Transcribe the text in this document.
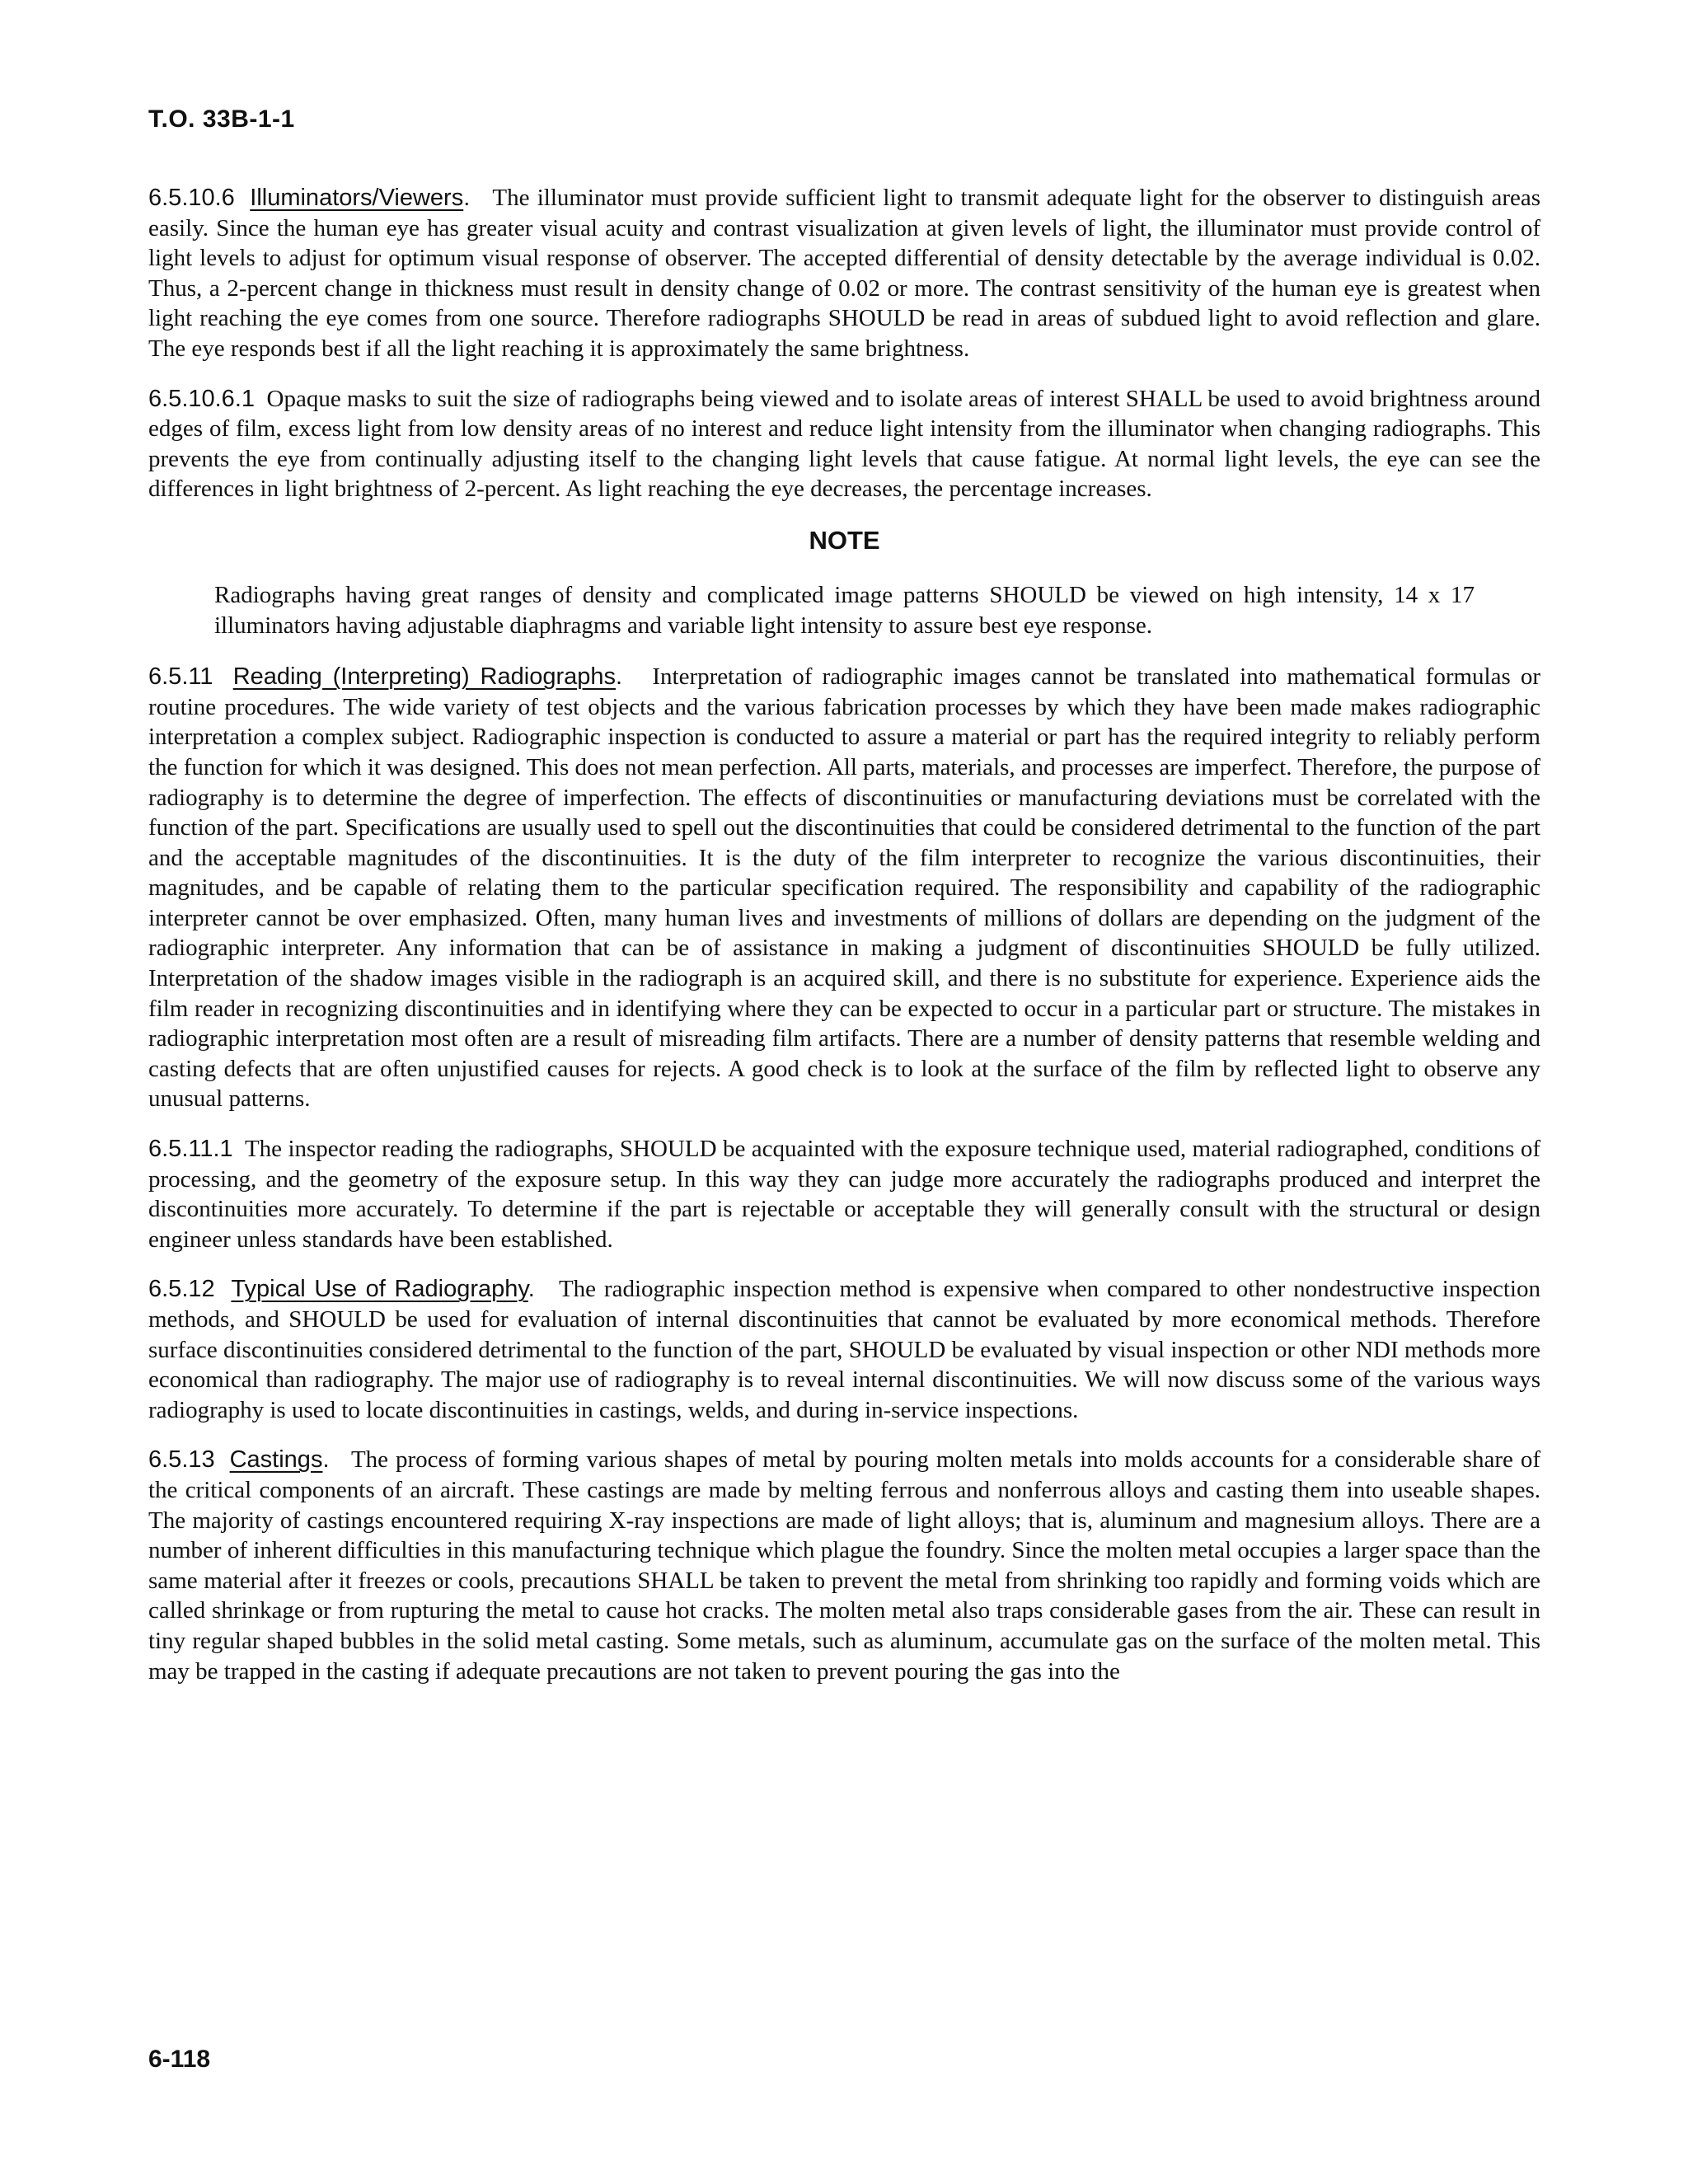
T.O. 33B-1-1

6.5.10.6 Illuminators/Viewers. The illuminator must provide sufficient light to transmit adequate light for the observer to distinguish areas easily. Since the human eye has greater visual acuity and contrast visualization at given levels of light, the illuminator must provide control of light levels to adjust for optimum visual response of observer. The accepted differential of density detectable by the average individual is 0.02. Thus, a 2-percent change in thickness must result in density change of 0.02 or more. The contrast sensitivity of the human eye is greatest when light reaching the eye comes from one source. Therefore radiographs SHOULD be read in areas of subdued light to avoid reflection and glare. The eye responds best if all the light reaching it is approximately the same brightness.

6.5.10.6.1 Opaque masks to suit the size of radiographs being viewed and to isolate areas of interest SHALL be used to avoid brightness around edges of film, excess light from low density areas of no interest and reduce light intensity from the illuminator when changing radiographs. This prevents the eye from continually adjusting itself to the changing light levels that cause fatigue. At normal light levels, the eye can see the differences in light brightness of 2-percent. As light reaching the eye decreases, the percentage increases.

NOTE

Radiographs having great ranges of density and complicated image patterns SHOULD be viewed on high intensity, 14 x 17 illuminators having adjustable diaphragms and variable light intensity to assure best eye response.

6.5.11 Reading (Interpreting) Radiographs. Interpretation of radiographic images cannot be translated into mathematical formulas or routine procedures. The wide variety of test objects and the various fabrication processes by which they have been made makes radiographic interpretation a complex subject. Radiographic inspection is conducted to assure a material or part has the required integrity to reliably perform the function for which it was designed. This does not mean perfection. All parts, materials, and processes are imperfect. Therefore, the purpose of radiography is to determine the degree of imperfection. The effects of discontinuities or manufacturing deviations must be correlated with the function of the part. Specifications are usually used to spell out the discontinuities that could be considered detrimental to the function of the part and the acceptable magnitudes of the discontinuities. It is the duty of the film interpreter to recognize the various discontinuities, their magnitudes, and be capable of relating them to the particular specification required. The responsibility and capability of the radiographic interpreter cannot be over emphasized. Often, many human lives and investments of millions of dollars are depending on the judgment of the radiographic interpreter. Any information that can be of assistance in making a judgment of discontinuities SHOULD be fully utilized. Interpretation of the shadow images visible in the radiograph is an acquired skill, and there is no substitute for experience. Experience aids the film reader in recognizing discontinuities and in identifying where they can be expected to occur in a particular part or structure. The mistakes in radiographic interpretation most often are a result of misreading film artifacts. There are a number of density patterns that resemble welding and casting defects that are often unjustified causes for rejects. A good check is to look at the surface of the film by reflected light to observe any unusual patterns.

6.5.11.1 The inspector reading the radiographs, SHOULD be acquainted with the exposure technique used, material radiographed, conditions of processing, and the geometry of the exposure setup. In this way they can judge more accurately the radiographs produced and interpret the discontinuities more accurately. To determine if the part is rejectable or acceptable they will generally consult with the structural or design engineer unless standards have been established.

6.5.12 Typical Use of Radiography. The radiographic inspection method is expensive when compared to other nondestructive inspection methods, and SHOULD be used for evaluation of internal discontinuities that cannot be evaluated by more economical methods. Therefore surface discontinuities considered detrimental to the function of the part, SHOULD be evaluated by visual inspection or other NDI methods more economical than radiography. The major use of radiography is to reveal internal discontinuities. We will now discuss some of the various ways radiography is used to locate discontinuities in castings, welds, and during in-service inspections.

6.5.13 Castings. The process of forming various shapes of metal by pouring molten metals into molds accounts for a considerable share of the critical components of an aircraft. These castings are made by melting ferrous and nonferrous alloys and casting them into useable shapes. The majority of castings encountered requiring X-ray inspections are made of light alloys; that is, aluminum and magnesium alloys. There are a number of inherent difficulties in this manufacturing technique which plague the foundry. Since the molten metal occupies a larger space than the same material after it freezes or cools, precautions SHALL be taken to prevent the metal from shrinking too rapidly and forming voids which are called shrinkage or from rupturing the metal to cause hot cracks. The molten metal also traps considerable gases from the air. These can result in tiny regular shaped bubbles in the solid metal casting. Some metals, such as aluminum, accumulate gas on the surface of the molten metal. This may be trapped in the casting if adequate precautions are not taken to prevent pouring the gas into the

6-118
